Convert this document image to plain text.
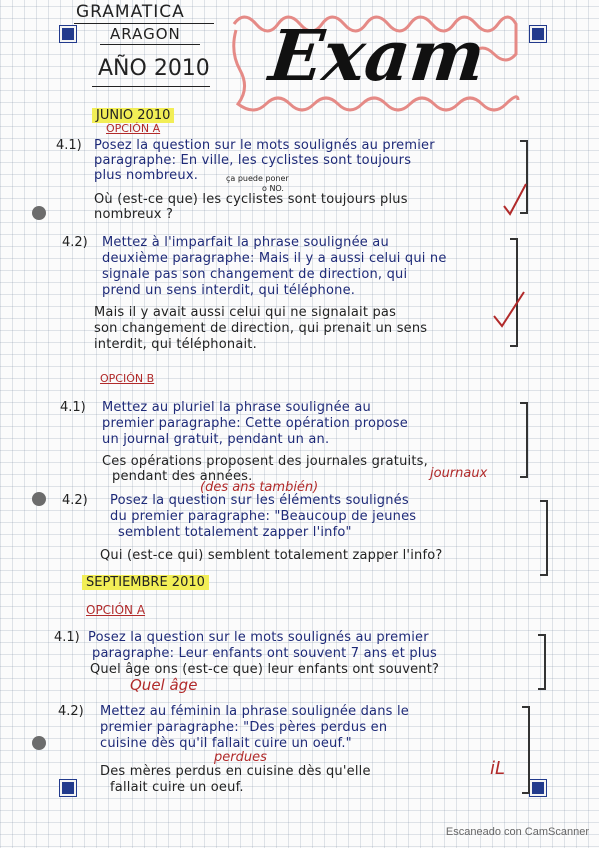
GRAMATICA
ARAGON
AÑO 2010 Exam
JUNIO 2010
OPCIÓN A
4.1) Posez la question sur le mots soulignés au premier
paragraphe: En ville, les cyclistes sont toujours
plus nombreux.	ça puede poner
o NO.
Où (est-ce que) les cyclistes sont toujours plus
nombreux ?
4.2) Mettez à l'imparfait la phrase soulignée au
deuxième paragraphe: Mais il y a aussi celui qui ne
signale pas son changement de direction, qui
prend un sens interdit, qui téléphone.
Mais il y avait aussi celui qui ne signalait pas
son changement de direction, qui prenait un sens
interdit, qui téléphonait.
OPCIÓN B
4.1) Mettez au pluriel la phrase soulignée au
premier paragraphe: Cette opération propose
un journal gratuit, pendant un an.
Ces opérations proposent des journales gratuits,
pendant des années.	journaux
(des ans también)
4.2) Posez la question sur les éléments soulignés
du premier paragraphe: "Beaucoup de jeunes
semblent totalement zapper l'info"
Qui (est-ce qui) semblent totalement zapper l'info?
SEPTIEMBRE 2010
OPCIÓN A
4.1) Posez la question sur le mots soulignés au premier
paragraphe: Leur enfants ont souvent 7 ans et plus
Quel âge ons (est-ce que) leur enfants ont souvent?
Quel âge
4.2) Mettez au féminin la phrase soulignée dans le
premier paragraphe: "Des pères perdus en
cuisine dès qu'il fallait cuire un oeuf."
perdues
Des mères perdus en cuisine dès qu'elle
fallait cuire un oeuf.
iL
Escaneado con CamScanner
